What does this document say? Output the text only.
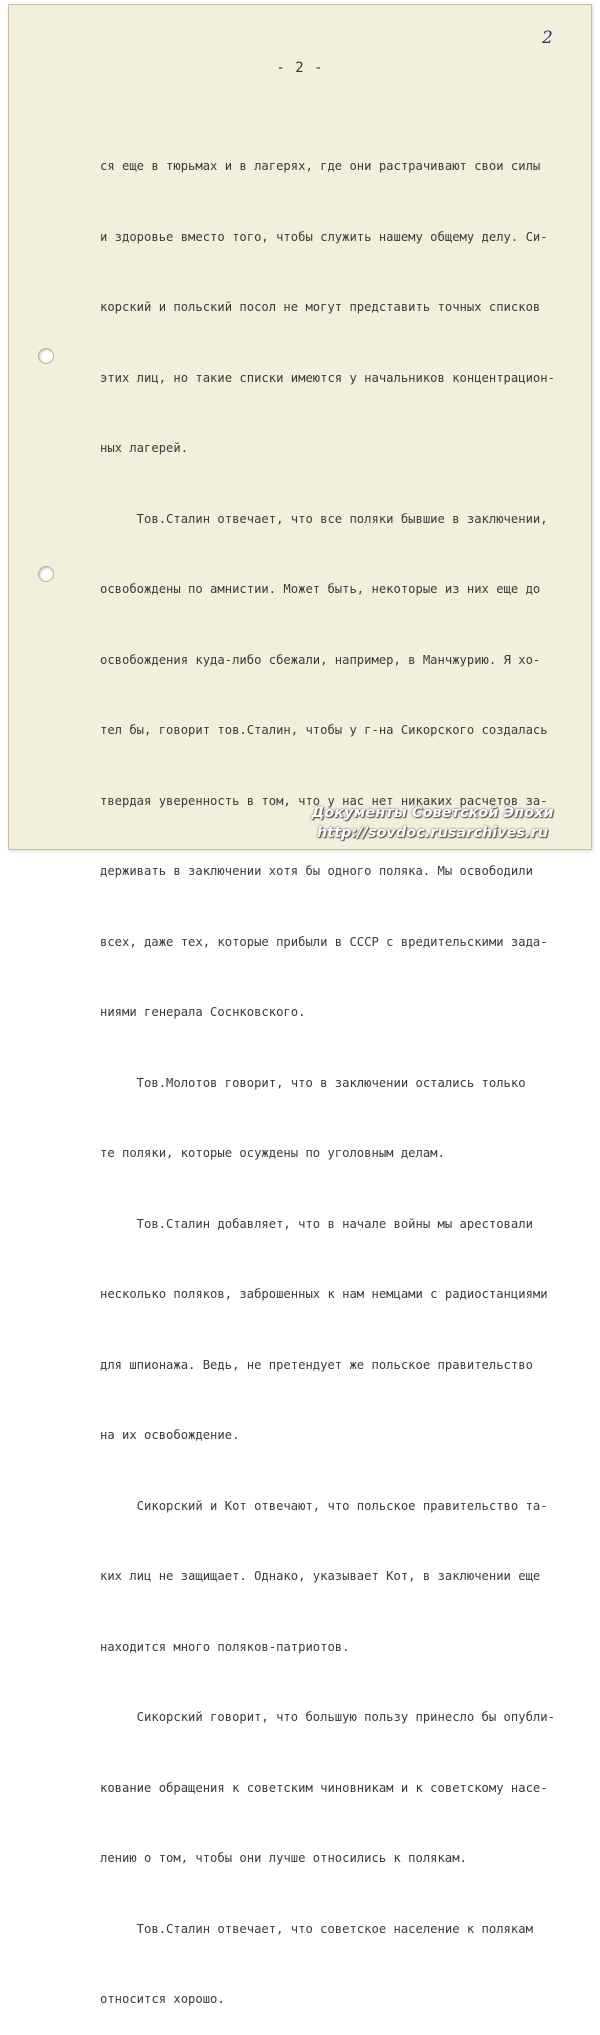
2
- 2 -

ся еще в тюрьмах и в лагерях, где они растрачивают свои силы

и здоровье вместо того, чтобы служить нашему общему делу. Си-

корский и польский посол не могут представить точных списков

этих лиц, но такие списки имеются у начальников концентрацион-

ных лагерей.

Тов.Сталин отвечает, что все поляки бывшие в заключении,

освобождены по амнистии. Может быть, некоторые из них еще до

освобождения куда-либо сбежали, например, в Манчжурию. Я хо-

тел бы, говорит тов.Сталин, чтобы у г-на Сикорского создалась

твердая уверенность в том, что у нас нет никаких расчетов за-

держивать в заключении хотя бы одного поляка. Мы освободили

всех, даже тех, которые прибыли в СССР с вредительскими зада-

ниями генерала Соснковского.

Тов.Молотов говорит, что в заключении остались только

те поляки, которые осуждены по уголовным делам.

Тов.Сталин добавляет, что в начале войны мы арестовали

несколько поляков, заброшенных к нам немцами с радиостанциями

для шпионажа. Ведь, не претендует же польское правительство

на их освобождение.

Сикорский и Кот отвечают, что польское правительство та-

ких лиц не защищает. Однако, указывает Кот, в заключении еще

находится много поляков-патриотов.

Сикорский говорит, что большую пользу принесло бы опубли-

кование обращения к советским чиновникам и к советскому насе-

лению о том, чтобы они лучше относились к полякам.

Тов.Сталин отвечает, что советское население к полякам

относится хорошо.

Документы Советской Эпохи
http://sovdoc.rusarchives.ru
